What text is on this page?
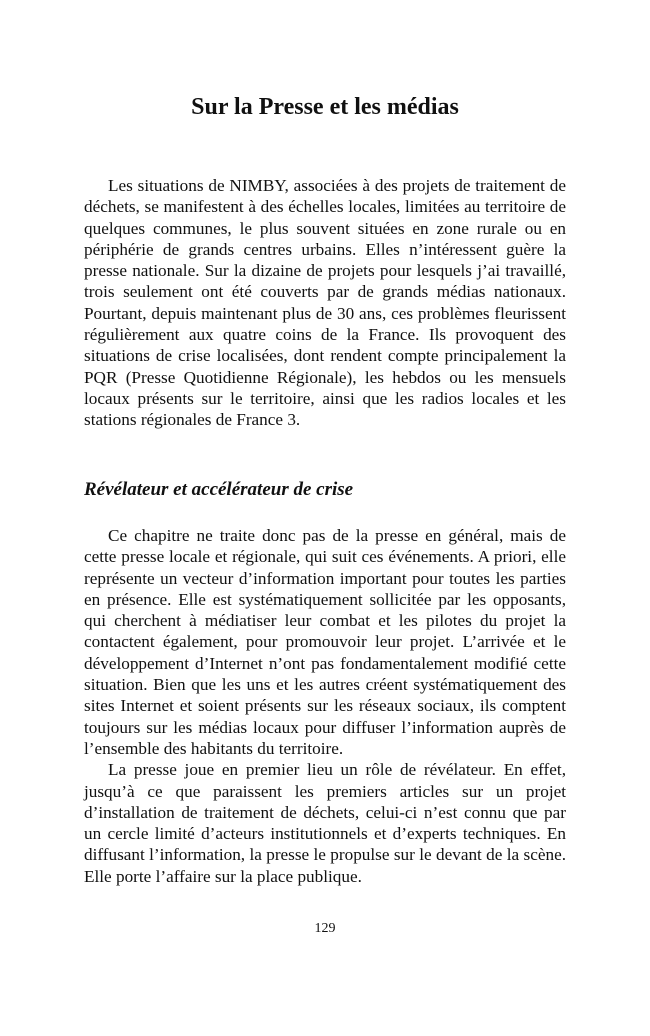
Sur la Presse et les médias

Les situations de NIMBY, associées à des projets de traitement de déchets, se manifestent à des échelles locales, limitées au territoire de quelques communes, le plus souvent situées en zone rurale ou en périphérie de grands centres urbains. Elles n’intéressent guère la presse nationale. Sur la dizaine de projets pour lesquels j’ai travaillé, trois seulement ont été couverts par de grands médias nationaux. Pourtant, depuis maintenant plus de 30 ans, ces problèmes fleurissent régulièrement aux quatre coins de la France. Ils provoquent des situations de crise localisées, dont rendent compte principalement la PQR (Presse Quotidienne Régionale), les hebdos ou les mensuels locaux présents sur le territoire, ainsi que les radios locales et les stations régionales de France 3.

Révélateur et accélérateur de crise

Ce chapitre ne traite donc pas de la presse en général, mais de cette presse locale et régionale, qui suit ces événements. A priori, elle représente un vecteur d’information important pour toutes les parties en présence. Elle est systématiquement sollicitée par les opposants, qui cherchent à médiatiser leur combat et les pilotes du projet la contactent également, pour promouvoir leur projet. L’arrivée et le développement d’Internet n’ont pas fondamentalement modifié cette situation. Bien que les uns et les autres créent systématiquement des sites Internet et soient présents sur les réseaux sociaux, ils comptent toujours sur les médias locaux pour diffuser l’information auprès de l’ensemble des habitants du territoire.

La presse joue en premier lieu un rôle de révélateur. En effet, jusqu’à ce que paraissent les premiers articles sur un projet d’installation de traitement de déchets, celui-ci n’est connu que par un cercle limité d’acteurs institutionnels et d’experts techniques. En diffusant l’information, la presse le propulse sur le devant de la scène. Elle porte l’affaire sur la place publique.

129
